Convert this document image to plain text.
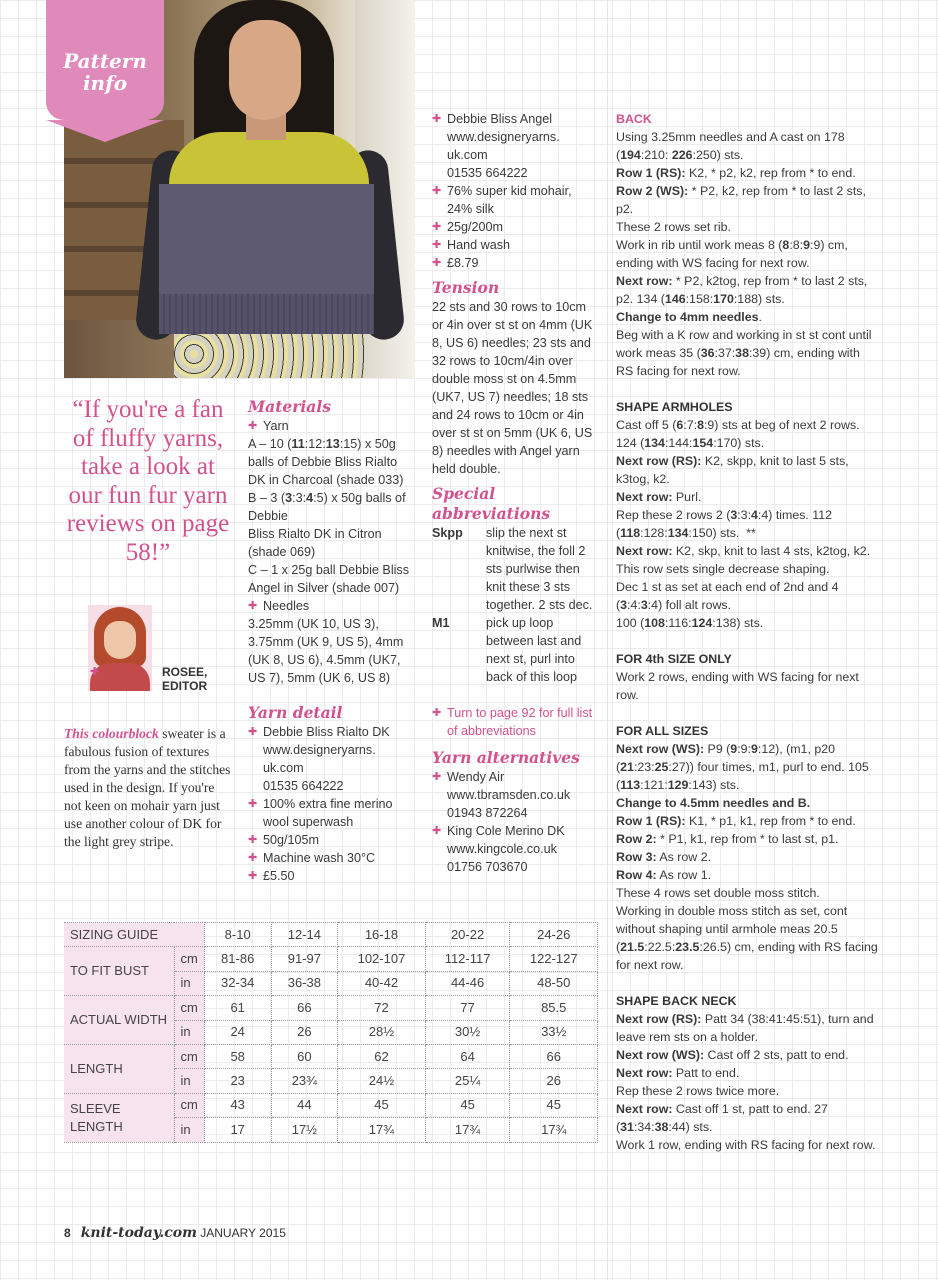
Pattern
info
“If you're a fan of fluffy yarns, take a look at our fun fur yarn reviews on page 58!”
✚
ROSEE,
EDITOR
This colourblock sweater is a fabulous fusion of textures from the yarns and the stitches used in the design. If you're not keen on mohair yarn just use another colour of DK for the light grey stripe.
Materials
✚ Yarn
A – 10 (11:12:13:15) x 50g balls of Debbie Bliss Rialto DK in Charcoal (shade 033)
B – 3 (3:3:4:5) x 50g balls of Debbie
Bliss Rialto DK in Citron (shade 069)
C – 1 x 25g ball Debbie Bliss Angel in Silver (shade 007)
✚ Needles
3.25mm (UK 10, US 3), 3.75mm (UK 9, US 5), 4mm (UK 8, US 6), 4.5mm (UK7, US 7), 5mm (UK 6, US 8)
Yarn detail
✚ Debbie Bliss Rialto DK
www.designeryarns.
uk.com
01535 664222
✚ 100% extra fine merino wool superwash
✚ 50g/105m
✚ Machine wash 30°C
✚ £5.50
✚ Debbie Bliss Angel
www.designeryarns.
uk.com
01535 664222
✚ 76% super kid mohair, 24% silk
✚ 25g/200m
✚ Hand wash
✚ £8.79
Tension
22 sts and 30 rows to 10cm or 4in over st st on 4mm (UK 8, US 6) needles; 23 sts and 32 rows to 10cm/4in over double moss st on 4.5mm (UK7, US 7) needles; 18 sts and 24 rows to 10cm or 4in over st st on 5mm (UK 6, US 8) needles with Angel yarn held double.
Special abbreviations
Skpp	slip the next st knitwise, the foll 2 sts purlwise then knit these 3 sts together. 2 sts dec.
M1	pick up loop between last and next st, purl into back of this loop
✚ Turn to page 92 for full list of abbreviations
Yarn alternatives
✚ Wendy Air
www.tbramsden.co.uk
01943 872264
✚ King Cole Merino DK
www.kingcole.co.uk
01756 703670

BACK

Using 3.25mm needles and A cast on 178 (194:210: 226:250) sts.

Row 1 (RS): K2, * p2, k2, rep from * to end.

Row 2 (WS): * P2, k2, rep from * to last 2 sts, p2.

These 2 rows set rib.

Work in rib until work meas 8 (8:8:9:9) cm, ending with WS facing for next row.

Next row: * P2, k2tog, rep from * to last 2 sts, p2. 134 (146:158:170:188) sts.

Change to 4mm needles.

Beg with a K row and working in st st cont until work meas 35 (36:37:38:39) cm, ending with RS facing for next row.

SHAPE ARMHOLES

Cast off 5 (6:7:8:9) sts at beg of next 2 rows. 124 (134:144:154:170) sts.

Next row (RS): K2, skpp, knit to last 5 sts, k3tog, k2.

Next row: Purl.

Rep these 2 rows 2 (3:3:4:4) times. 112 (118:128:134:150) sts.  **

Next row: K2, skp, knit to last 4 sts, k2tog, k2.

This row sets single decrease shaping.

Dec 1 st as set at each end of 2nd and 4 (3:4:3:4) foll alt rows.

100 (108:116:124:138) sts.

FOR 4th SIZE ONLY

Work 2 rows, ending with WS facing for next row.

FOR ALL SIZES

Next row (WS): P9 (9:9:9:12), (m1, p20 (21:23:25:27)) four times, m1, purl to end. 105 (113:121:129:143) sts.

Change to 4.5mm needles and B.

Row 1 (RS): K1, * p1, k1, rep from * to end.

Row 2: * P1, k1, rep from * to last st, p1.

Row 3: As row 2.

Row 4: As row 1.

These 4 rows set double moss stitch.

Working in double moss stitch as set, cont without shaping until armhole meas 20.5 (21.5:22.5:23.5:26.5) cm, ending with RS facing for next row.

SHAPE BACK NECK

Next row (RS): Patt 34 (38:41:45:51), turn and leave rem sts on a holder.

Next row (WS): Cast off 2 sts, patt to end.

Next row: Patt to end.

Rep these 2 rows twice more.

Next row: Cast off 1 st, patt to end. 27 (31:34:38:44) sts.

Work 1 row, ending with RS facing for next row.

SIZING GUIDE		8-10	12-14	16-18	20-22	24-26
TO FIT BUST	cm	81-86	91-97	102-107	112-117	122-127
	in	32-34	36-38	40-42	44-46	48-50
ACTUAL WIDTH	cm	61	66	72	77	85.5
	in	24	26	28½	30½	33½
LENGTH	cm	58	60	62	64	66
	in	23	23¾	24½	25¼	26
SLEEVE LENGTH	cm	43	44	45	45	45
	in	17	17½	17¾	17¾	17¾
8 knit-today.com JANUARY 2015
